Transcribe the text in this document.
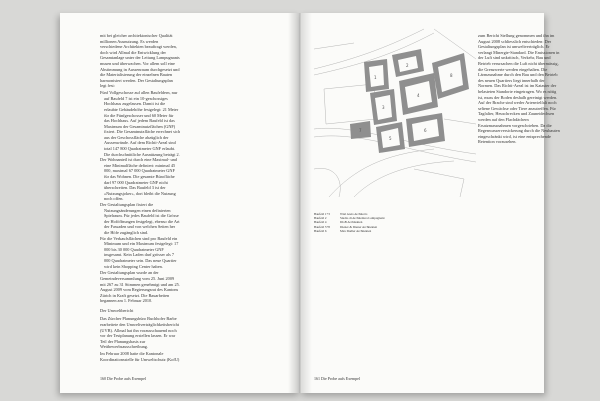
mit bei gleicher architektonischer Qualität millionen Ausnutzung. Es werden verschiedene Architekten beauftragt werden, doch wird Allmal die Entwicklung der Gesamtanlage unter der Leitung Lampugnanis musen und überwachen. Vor allem soll eine Abstimmung in Aussenraum durchgesetzt und die Materialisierung der einzelnen Bauten harmonisiert werden. Der Gestaltungsplan legt fest:

Fünf Vollgeschosse auf allen Baufeldern, nur auf Baufeld 7 ist ein 10-geschossiges Hochhaus zugelassen. Damit ist die erlaubte Gebäudehöhe festgelegt: 21 Meter für die Fünfgeschosser und 60 Meter für das Hochhaus. Auf jedem Baufeld ist das Maximum der Gesamtnutzflächen (GNF) fixiert. Die Gesamtnutzfläche errechnet sich aus der Geschossfläche abzüglich der Aussenwände. Auf dem Richti-Areal sind total 147 800 Quadratmeter GNF erlaubt. Die durchschnittliche Ausnützung beträgt 2.
Der Wohnanteil ist durch eine Maximal- und eine Minimalfläche definiert: minimal 45 000, maximal 67 000 Quadratmeter GNF für das Wohnen. Die gesamte Bürofläche darf 97 000 Quadratmeter GNF nicht überschreiten. Das Baufeld 3 ist der «Nutzungsjoker», dort bleibt die Nutzung noch offen.
Der Gestaltungsplan fixiert die Nutzungsänderungen einen definierten Spielraum. Für jedes Baufeld ist die Grösse der Hoföffnungen festgelegt, ebenso die Art der Fassaden und von welchen Seiten her die Höfe zugänglich sind.
Für die Verkaufsflächen sind pro Baufeld ein Minimum und ein Maximum festgelegt: 17 000 bis 30 000 Quadratmeter GNF insgesamt. Kein Laden darf grösser als 7 000 Quadratmeter sein. Das neue Quartier wird kein Shopping Center haben.

Der Gestaltungsplan wurde an der Gemeindeversammlung vom 25. Juni 2009 mit 267 zu 31 Stimmen genehmigt und am 25. August 2009 vom Regierungsrat des Kantons Zürich in Kraft gesetzt. Die Bauarbeiten begannen am 1. Februar 2010.

Der Umweltbericht

Das Zürcher Planungsbüro Buchhofer Barbe erarbeitete den Umweltverträglichkeitsbericht (UVB). Allmal hat ihn vorausschauend noch vor der Testplanung erstellen lassen. Er war Teil der Planungsbasis zur Wettbewerbsausschreibung.

Im Februar 2008 hatte die Kantonale Koordinationsstelle für Umweltschutz (KofU)

160 Die Probe aufs Exempel
1
2
3
4
5
6
7
8
Baufeld 1+3	Wiel Arets Architects
Baufeld 2	Studio di Architettura Lampugnani
Baufeld 4	DGB Architekten
Baufeld 5+8	Diener & Diener Architekten
Baufeld 6	Max Dudler Architekten

zum Bericht Stellung genommen und ihn im August 2008 schliesslich entschieden: Der Gestaltungsplan ist umweltverträglich. Er verlangt Minergie-Standard. Die Emissionen in der Luft sind unkritisch, Verkehr, Bau und Betrieb verursachen die Luft nicht übermässig, die Grenzwerte werden eingehalten. Die Lärmzunahme durch den Bau und den Betrieb des neuen Quartiers liegt innerhalb der Normen. Das Richti-Areal ist im Kataster der belasteten Standorte eingetragen. Wo es nötig ist, muss der Boden deshalb gereinigt werden. Auf der Brache sind weder Artenvielfalt noch seltene Gewächse oder Tiere anzutreffen. Für Tagfalter, Heuschrecken und Zauneidechsen werden auf den Flachdächern Ersatzmassnahmen vorgeschrieben. Da die Regenwasserversickerung durch die Neubauten eingeschränkt wird, ist eine entsprechende Retention vorzusehen.

161 Die Probe aufs Exempel
